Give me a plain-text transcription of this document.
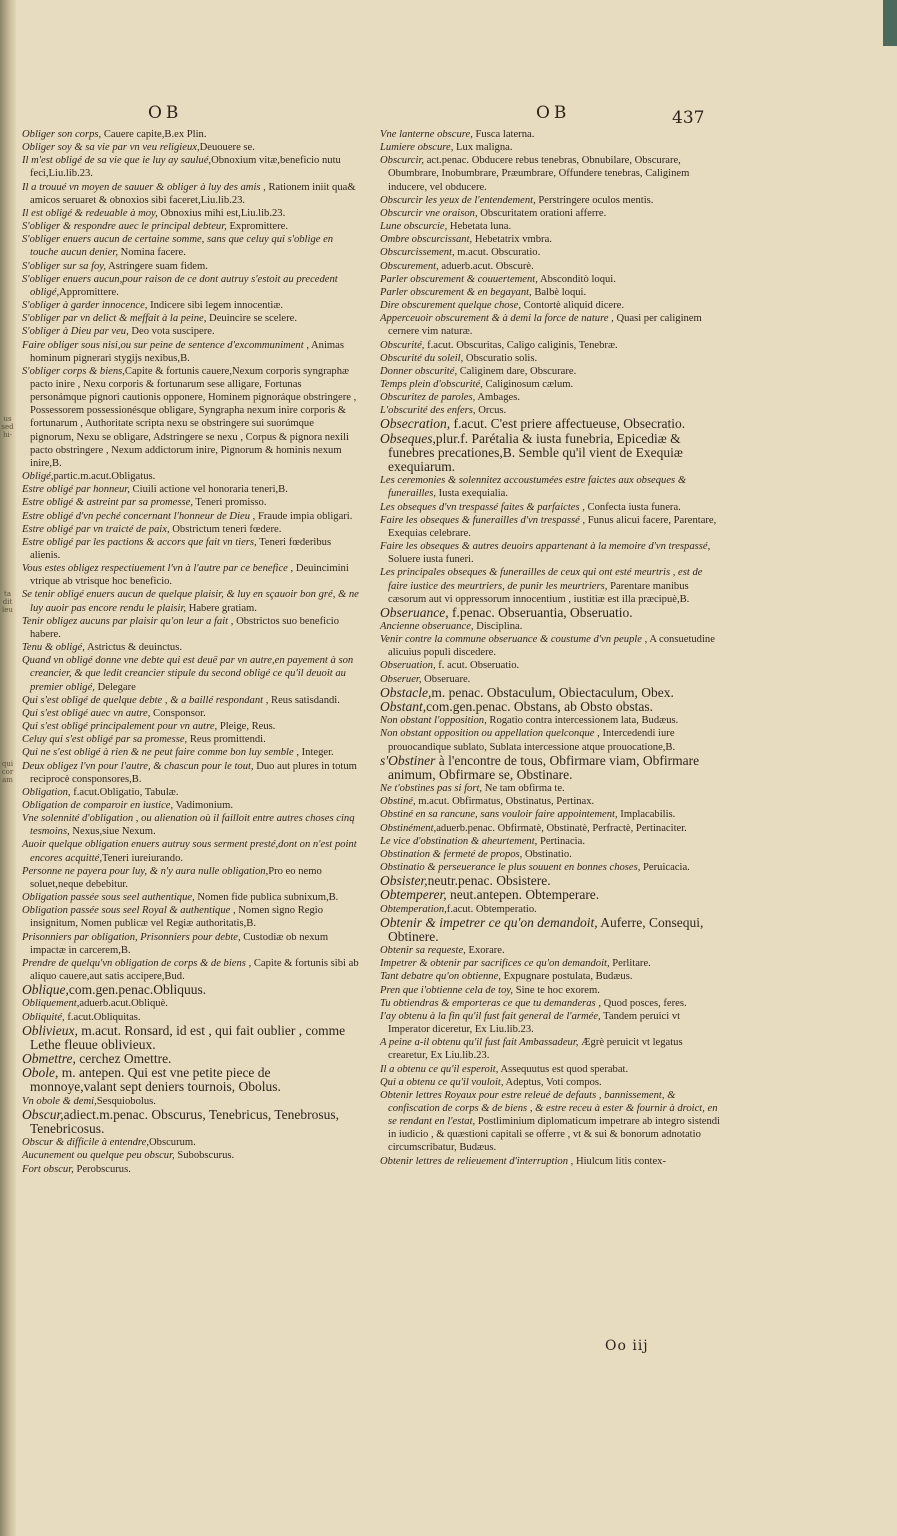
us
sed
hi-
ta
dit
leu
qui
cor
am
OB	OB	437

Obliger son corps, Cauere capite,B.ex Plin.

Obliger soy & sa vie par vn veu religieux,Deuouere se.

Il m'est obligé de sa vie que ie luy ay saulué,Obnoxium vitæ,beneficio nutu feci,Liu.lib.23.

Il a trouué vn moyen de sauuer & obliger à luy des amis , Rationem iniit qua& amicos seruaret & obnoxios sibi faceret,Liu.lib.23.

Il est obligé & redeuable à moy, Obnoxius mihi est,Liu.lib.23.

S'obliger & respondre auec le principal debteur, Expromittere.

S'obliger enuers aucun de certaine somme, sans que celuy qui s'oblige en touche aucun denier, Nomina facere.

S'obliger sur sa foy, Astringere suam fidem.

S'obliger enuers aucun,pour raison de ce dont autruy s'estoit au precedent obligé,Appromittere.

S'obliger à garder innocence, Indicere sibi legem innocentiæ.

S'obliger par vn delict & meffait à la peine, Deuincire se scelere.

S'obliger à Dieu par veu, Deo vota suscipere.

Faire obliger sous nisi,ou sur peine de sentence d'excommuniment , Animas hominum pignerari stygijs nexibus,B.

S'obliger corps & biens,Capite & fortunis cauere,Nexum corporis syngraphæ pacto inire , Nexu corporis & fortunarum sese alligare, Fortunas personámque pignori cautionis opponere, Hominem pignoráque obstringere , Possessorem possessionésque obligare, Syngrapha nexum inire corporis & fortunarum , Authoritate scripta nexu se obstringere sui suorúmque pignorum, Nexu se obligare, Adstringere se nexu , Corpus & pignora nexili pacto obstringere , Nexum addictorum inire, Pignorum & hominis nexum inire,B.

Obligé,partic.m.acut.Obligatus.

Estre obligé par honneur, Ciuili actione vel honoraria teneri,B.

Estre obligé & astreint par sa promesse, Teneri promisso.

Estre obligé d'vn peché concernant l'honneur de Dieu , Fraude impia obligari.

Estre obligé par vn traicté de paix, Obstrictum teneri fœdere.

Estre obligé par les pactions & accors que fait vn tiers, Teneri fœderibus alienis.

Vous estes obligez respectiuement l'vn à l'autre par ce benefice , Deuincimini vtrique ab vtrisque hoc beneficio.

Se tenir obligé enuers aucun de quelque plaisir, & luy en sçauoir bon gré, & ne luy auoir pas encore rendu le plaisir, Habere gratiam.

Tenir obligez aucuns par plaisir qu'on leur a fait , Obstrictos suo beneficio habere.

Tenu & obligé, Astrictus & deuinctus.

Quand vn obligé donne vne debte qui est deuë par vn autre,en payement à son creancier, & que ledit creancier stipule du second obligé ce qu'il deuoit au premier obligé, Delegare

Qui s'est obligé de quelque debte , & a baillé respondant , Reus satisdandi.

Qui s'est obligé auec vn autre, Consponsor.

Qui s'est obligé principalement pour vn autre, Pleige, Reus.

Celuy qui s'est obligé par sa promesse, Reus promittendi.

Qui ne s'est obligé à rien & ne peut faire comme bon luy semble , Integer.

Deux obligez l'vn pour l'autre, & chascun pour le tout, Duo aut plures in totum reciprocè consponsores,B.

Obligation, f.acut.Obligatio, Tabulæ.

Obligation de comparoir en iustice, Vadimonium.

Vne solennité d'obligation , ou alienation où il failloit entre autres choses cinq tesmoins, Nexus,siue Nexum.

Auoir quelque obligation enuers autruy sous serment presté,dont on n'est point encores acquitté,Teneri iureiurando.

Personne ne payera pour luy, & n'y aura nulle obligation,Pro eo nemo soluet,neque debebitur.

Obligation passée sous seel authentique, Nomen fide publica subnixum,B.

Obligation passée sous seel Royal & authentique , Nomen signo Regio insignitum, Nomen publicæ vel Regiæ authoritatis,B.

Prisonniers par obligation, Prisonniers pour debte, Custodiæ ob nexum impactæ in carcerem,B.

Prendre de quelqu'vn obligation de corps & de biens , Capite & fortunis sibi ab aliquo cauere,aut satis accipere,Bud.

Oblique,com.gen.penac.Obliquus.

Obliquement,aduerb.acut.Obliquè.

Obliquité, f.acut.Obliquitas.

Oblivieux, m.acut. Ronsard, id est , qui fait oublier , comme Lethe fleuue oblivieux.

Obmettre, cerchez Omettre.

Obole, m. antepen. Qui est vne petite piece de monnoye,valant sept deniers tournois, Obolus.

Vn obole & demi,Sesquiobolus.

Obscur,adiect.m.penac. Obscurus, Tenebricus, Tenebrosus, Tenebricosus.

Obscur & difficile à entendre,Obscurum.

Aucunement ou quelque peu obscur, Subobscurus.

Fort obscur, Perobscurus.

Vne lanterne obscure, Fusca laterna.

Lumiere obscure, Lux maligna.

Obscurcir, act.penac. Obducere rebus tenebras, Obnubilare, Obscurare, Obumbrare, Inobumbrare, Præumbrare, Offundere tenebras, Caliginem inducere, vel obducere.

Obscurcir les yeux de l'entendement, Perstringere oculos mentis.

Obscurcir vne oraison, Obscuritatem orationi afferre.

Lune obscurcie, Hebetata luna.

Ombre obscurcissant, Hebetatrix vmbra.

Obscurcissement, m.acut. Obscuratio.

Obscurement, aduerb.acut. Obscurè.

Parler obscurement & couuertement, Absconditò loqui.

Parler obscurement & en begayant, Balbè loqui.

Dire obscurement quelque chose, Contortè aliquid dicere.

Apperceuoir obscurement & à demi la force de nature , Quasi per caliginem cernere vim naturæ.

Obscurité, f.acut. Obscuritas, Caligo caliginis, Tenebræ.

Obscurité du soleil, Obscuratio solis.

Donner obscurité, Caliginem dare, Obscurare.

Temps plein d'obscurité, Caliginosum cælum.

Obscuritez de paroles, Ambages.

L'obscurité des enfers, Orcus.

Obsecration, f.acut. C'est priere affectueuse, Obsecratio.

Obseques,plur.f. Parétalia & iusta funebria, Epicediæ & funebres precationes,B. Semble qu'il vient de Exequiæ exequiarum.

Les ceremonies & solennitez accoustumées estre faictes aux obseques & funerailles, Iusta exequialia.

Les obseques d'vn trespassé faites & parfaictes , Confecta iusta funera.

Faire les obseques & funerailles d'vn trespassé , Funus alicui facere, Parentare, Exequias celebrare.

Faire les obseques & autres deuoirs appartenant à la memoire d'vn trespassé, Soluere iusta funeri.

Les principales obseques & funerailles de ceux qui ont esté meurtris , est de faire iustice des meurtriers, de punir les meurtriers, Parentare manibus cæsorum aut vi oppressorum innocentium , iustitiæ est illa præcipuè,B.

Obseruance, f.penac. Obseruantia, Obseruatio.

Ancienne obseruance, Disciplina.

Venir contre la commune obseruance & coustume d'vn peuple , A consuetudine alicuius populi discedere.

Obseruation, f. acut. Obseruatio.

Obseruer, Obseruare.

Obstacle,m. penac. Obstaculum, Obiectaculum, Obex.

Obstant,com.gen.penac. Obstans, ab Obsto obstas.

Non obstant l'opposition, Rogatio contra intercessionem lata, Budæus.

Non obstant opposition ou appellation quelconque , Intercedendi iure prouocandique sublato, Sublata intercessione atque prouocatione,B.

s'Obstiner à l'encontre de tous, Obfirmare viam, Obfirmare animum, Obfirmare se, Obstinare.

Ne t'obstines pas si fort, Ne tam obfirma te.

Obstiné, m.acut. Obfirmatus, Obstinatus, Pertinax.

Obstiné en sa rancune, sans vouloir faire appointement, Implacabilis.

Obstinément,aduerb.penac. Obfirmatè, Obstinatè, Perfractè, Pertinaciter.

Le vice d'obstination & aheurtement, Pertinacia.

Obstination & fermeté de propos, Obstinatio.

Obstinatio & perseuerance le plus souuent en bonnes choses, Peruicacia.

Obsister,neutr.penac. Obsistere.

Obtemperer, neut.antepen. Obtemperare.

Obtemperation,f.acut. Obtemperatio.

Obtenir & impetrer ce qu'on demandoit, Auferre, Consequi, Obtinere.

Obtenir sa requeste, Exorare.

Impetrer & obtenir par sacrifices ce qu'on demandoit, Perlitare.

Tant debatre qu'on obtienne, Expugnare postulata, Budæus.

Pren que i'obtienne cela de toy, Sine te hoc exorem.

Tu obtiendras & emporteras ce que tu demanderas , Quod posces, feres.

I'ay obtenu à la fin qu'il fust fait general de l'armée, Tandem peruici vt Imperator diceretur, Ex Liu.lib.23.

A peine a-il obtenu qu'il fust fait Ambassadeur, Ægrè peruicit vt legatus crearetur, Ex Liu.lib.23.

Il a obtenu ce qu'il esperoit, Assequutus est quod sperabat.

Qui a obtenu ce qu'il vouloit, Adeptus, Voti compos.

Obtenir lettres Royaux pour estre releué de defauts , bannissement, & confiscation de corps & de biens , & estre receu à ester & fournir à droict, en se rendant en l'estat, Postliminium diplomaticum impetrare ab integro sistendi in iudicio , & quæstioni capitali se offerre , vt & sui & bonorum adnotatio circumscribatur, Budæus.

Obtenir lettres de relieuement d'interruption , Hiulcum litis contex-

Oo iij
